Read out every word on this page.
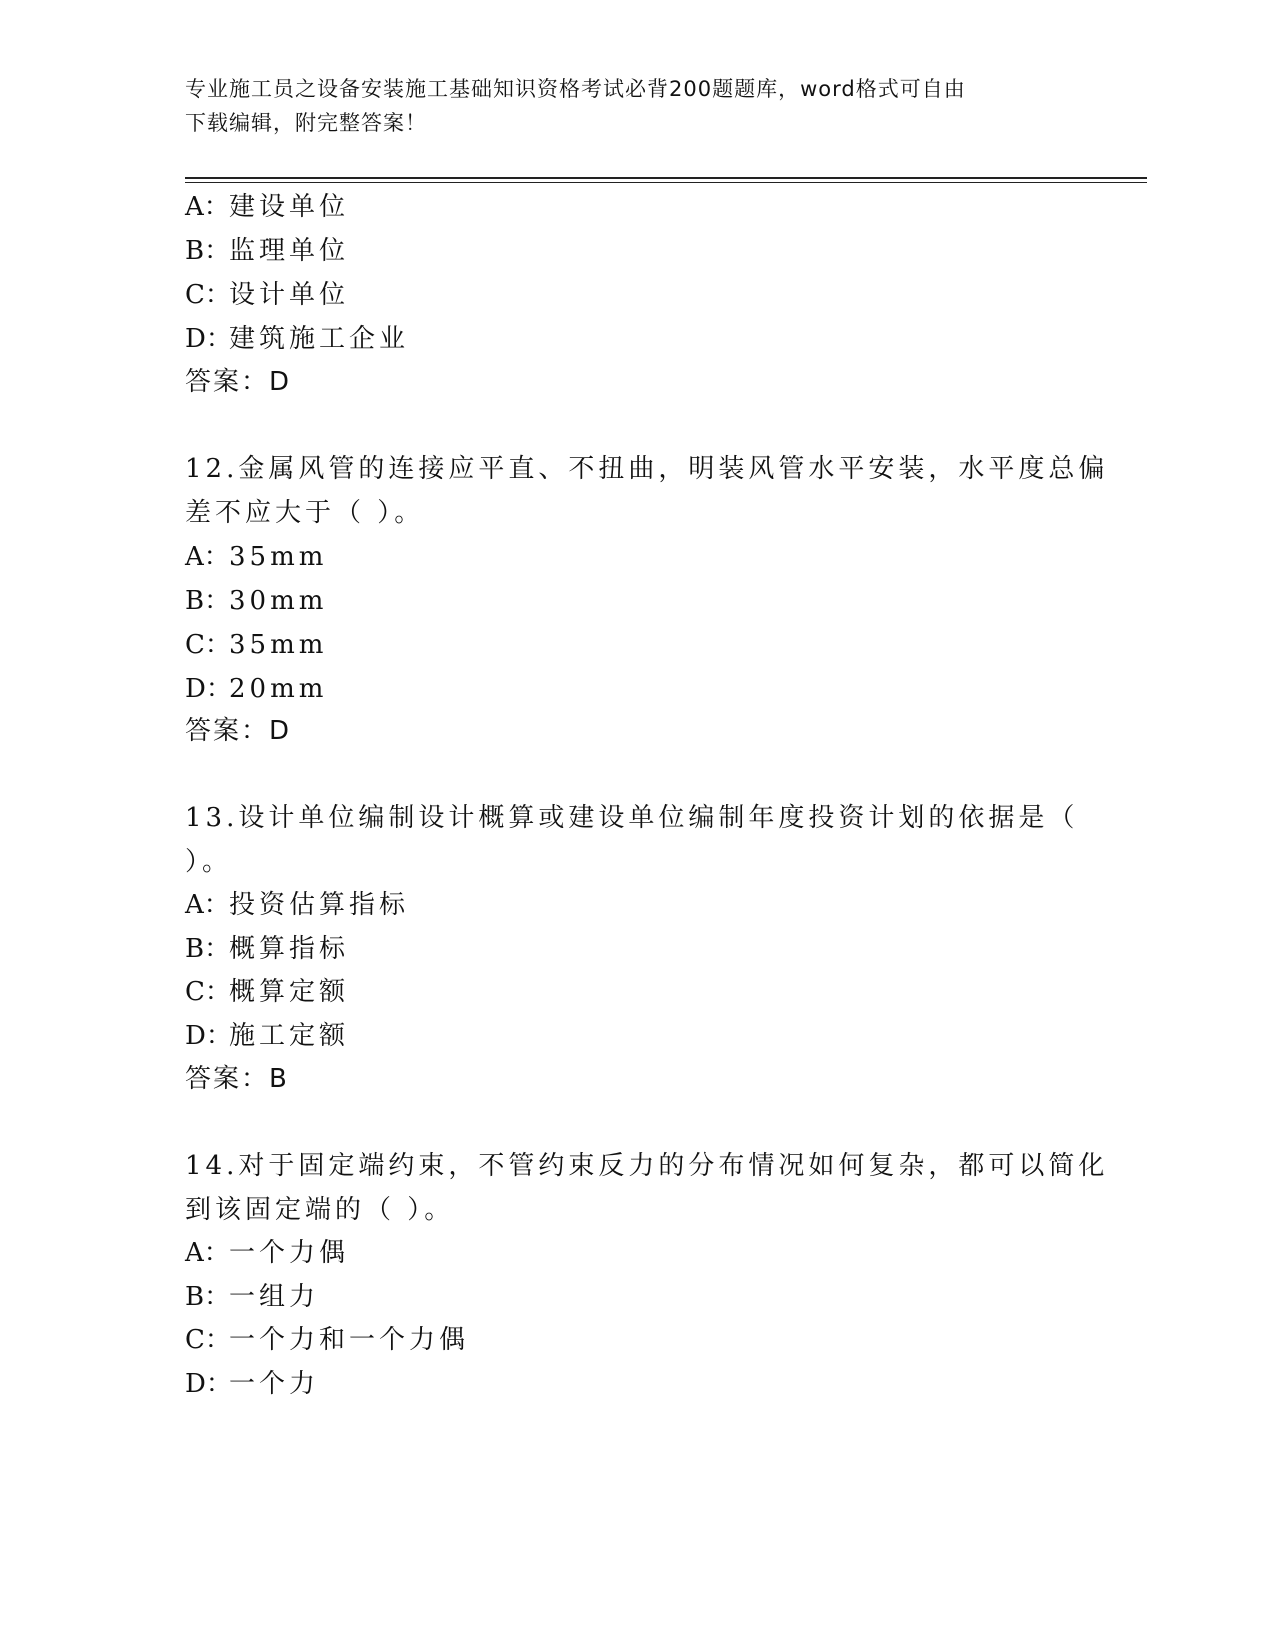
专业施工员之设备安装施工基础知识资格考试必背200题题库，word格式可自由
下载编辑，附完整答案！
A：建设单位
B：监理单位
C：设计单位
D：建筑施工企业
答案：D
12.金属风管的连接应平直、不扭曲，明装风管水平安装，水平度总偏
差不应大于（ ）。
A：35mm
B：30mm
C：35mm
D：20mm
答案：D
13.设计单位编制设计概算或建设单位编制年度投资计划的依据是（
）。
A：投资估算指标
B：概算指标
C：概算定额
D：施工定额
答案：B
14.对于固定端约束，不管约束反力的分布情况如何复杂，都可以简化
到该固定端的（ ）。
A：一个力偶
B：一组力
C：一个力和一个力偶
D：一个力
